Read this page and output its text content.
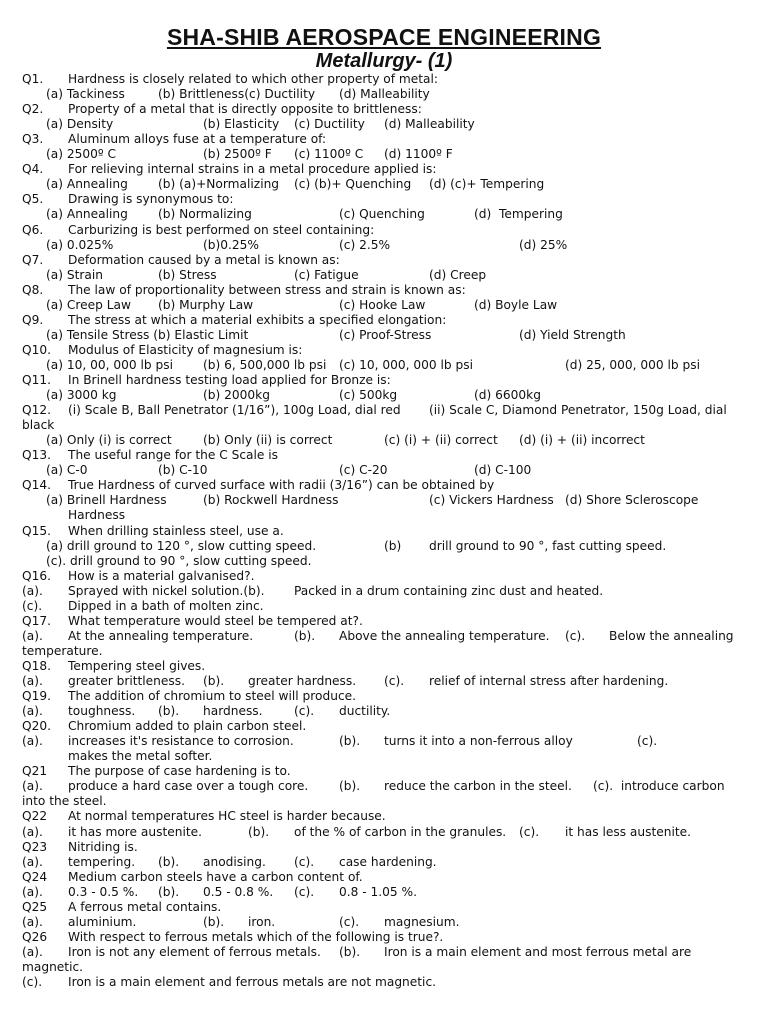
SHA-SHIB AEROSPACE ENGINEERING
Metallurgy- (1)
Q1. Hardness is closely related to which other property of metal:
(a) Tackiness	(b) Brittleness(c) Ductility (d) Malleability
Q2. Property of a metal that is directly opposite to brittleness:
(a) Density	(b) Elasticity (c) Ductility (d) Malleability
Q3. Aluminum alloys fuse at a temperature of:
(a) 2500º C	(b) 2500º F (c) 1100º C (d) 1100º F
Q4. For relieving internal strains in a metal procedure applied is:
(a) Annealing (b) (a)+Normalizing (c) (b)+ Quenching (d) (c)+ Tempering
Q5. Drawing is synonymous to:
(a) Annealing (b) Normalizing	(c) Quenching	(d)  Tempering
Q6. Carburizing is best performed on steel containing:
(a) 0.025%	(b)0.25%	(c) 2.5%	(d) 25%
Q7. Deformation caused by a metal is known as:
(a) Strain	(b) Stress	(c) Fatigue	(d) Creep
Q8. The law of proportionality between stress and strain is known as:
(a) Creep Law (b) Murphy Law	(c) Hooke Law	(d) Boyle Law
Q9. The stress at which a material exhibits a specified elongation:
(a) Tensile Stress (b) Elastic Limit	(c) Proof-Stress	(d) Yield Strength
Q10. Modulus of Elasticity of magnesium is:
(a) 10, 00, 000 lb psi (b) 6, 500,000 lb psi (c) 10, 000, 000 lb psi	(d) 25, 000, 000 lb psi
Q11. In Brinell hardness testing load applied for Bronze is:
(a) 3000 kg	(b) 2000kg	(c) 500kg	(d) 6600kg
Q12. (i) Scale B, Ball Penetrator (1/16”), 100g Load, dial red (ii) Scale C, Diamond Penetrator, 150g Load, dial
black
(a) Only (i) is correct	(b) Only (ii) is correct	(c) (i) + (ii) correct (d) (i) + (ii) incorrect
Q13. The useful range for the C Scale is
(a) C-0	(b) C-10	(c) C-20	(d) C-100
Q14. True Hardness of curved surface with radii (3/16”) can be obtained by
(a) Brinell Hardness	(b) Rockwell Hardness	(c) Vickers Hardness (d) Shore Scleroscope
Hardness
Q15. When drilling stainless steel, use a.
(a) drill ground to 120 °, slow cutting speed.	(b) drill ground to 90 °, fast cutting speed.
(c). drill ground to 90 °, slow cutting speed.
Q16. How is a material galvanised?.
(a). Sprayed with nickel solution.(b). Packed in a drum containing zinc dust and heated.
(c). Dipped in a bath of molten zinc.
Q17. What temperature would steel be tempered at?.
(a). At the annealing temperature.	(b). Above the annealing temperature. (c). Below the annealing
temperature.
Q18. Tempering steel gives.
(a). greater brittleness. (b). greater hardness. (c). relief of internal stress after hardening.
Q19. The addition of chromium to steel will produce.
(a). toughness. (b). hardness.	(c). ductility.
Q20. Chromium added to plain carbon steel.
(a). increases it's resistance to corrosion.	(b). turns it into a non-ferrous alloy	(c).
makes the metal softer.
Q21 The purpose of case hardening is to.
(a). produce a hard case over a tough core.	(b). reduce the carbon in the steel. (c).  introduce carbon
into the steel.
Q22 At normal temperatures HC steel is harder because.
(a). it has more austenite.	(b). of the % of carbon in the granules. (c). it has less austenite.
Q23 Nitriding is.
(a). tempering. (b). anodising. (c). case hardening.
Q24 Medium carbon steels have a carbon content of.
(a). 0.3 - 0.5 %. (b). 0.5 - 0.8 %. (c). 0.8 - 1.05 %.
Q25 A ferrous metal contains.
(a). aluminium.	(b). iron.	(c). magnesium.
Q26 With respect to ferrous metals which of the following is true?.
(a). Iron is not any element of ferrous metals. (b). Iron is a main element and most ferrous metal are
magnetic.
(c). Iron is a main element and ferrous metals are not magnetic.
